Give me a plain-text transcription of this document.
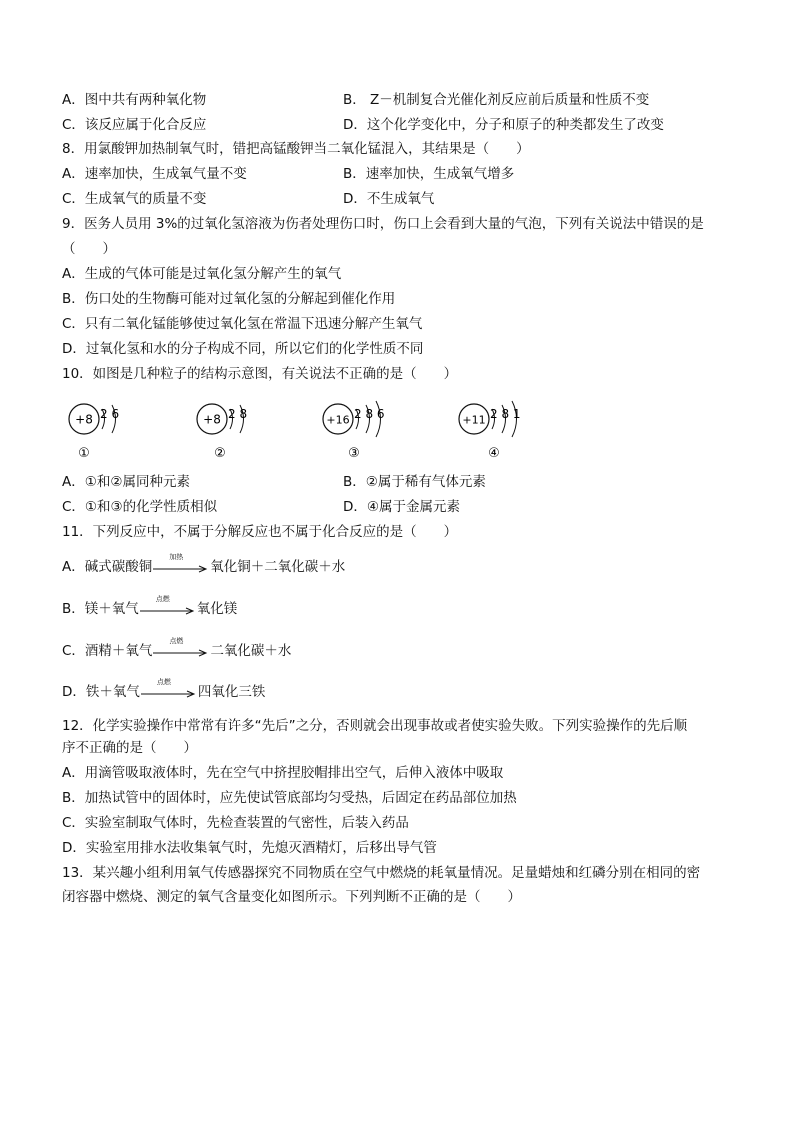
A．图中共有两种氧化物	B． Z－机制复合光催化剂反应前后质量和性质不变
C．该反应属于化合反应	D．这个化学变化中，分子和原子的种类都发生了改变
8．用氯酸钾加热制氧气时，错把高锰酸钾当二氧化锰混入，其结果是（　　）
A．速率加快，生成氧气量不变	B．速率加快，生成氧气增多
C．生成氧气的质量不变	D．不生成氧气
9．医务人员用 3%的过氧化氢溶液为伤者处理伤口时，伤口上会看到大量的气泡，下列有关说法中错误的是
（　　）
A．生成的气体可能是过氧化氢分解产生的氧气
B．伤口处的生物酶可能对过氧化氢的分解起到催化作用
C．只有二氧化锰能够使过氧化氢在常温下迅速分解产生氧气
D．过氧化氢和水的分子构成不同，所以它们的化学性质不同
10．如图是几种粒子的结构示意图，有关说法不正确的是（　　）
+8 2 6
①
+8 2 8
②
+16 2 8 6
③
+11 2 8 1
④
A．①和②属同种元素	B．②属于稀有气体元素
C．①和③的化学性质相似	D．④属于金属元素
11．下列反应中，不属于分解反应也不属于化合反应的是（　　）
A．碱式碳酸铜
加热
氧化铜＋二氧化碳＋水
B．镁＋氧气
点燃
氧化镁
C．酒精＋氧气
点燃
二氧化碳＋水
D．铁＋氧气
点燃
四氧化三铁
12．化学实验操作中常常有许多“先后”之分，否则就会出现事故或者使实验失败。下列实验操作的先后顺
序不正确的是（　　）
A．用滴管吸取液体时，先在空气中挤捏胶帽排出空气，后伸入液体中吸取
B．加热试管中的固体时，应先使试管底部均匀受热，后固定在药品部位加热
C．实验室制取气体时，先检查装置的气密性，后装入药品
D．实验室用排水法收集氧气时，先熄灭酒精灯，后移出导气管
13．某兴趣小组利用氧气传感器探究不同物质在空气中燃烧的耗氧量情况。足量蜡烛和红磷分别在相同的密
闭容器中燃烧、测定的氧气含量变化如图所示。下列判断不正确的是（　　）
